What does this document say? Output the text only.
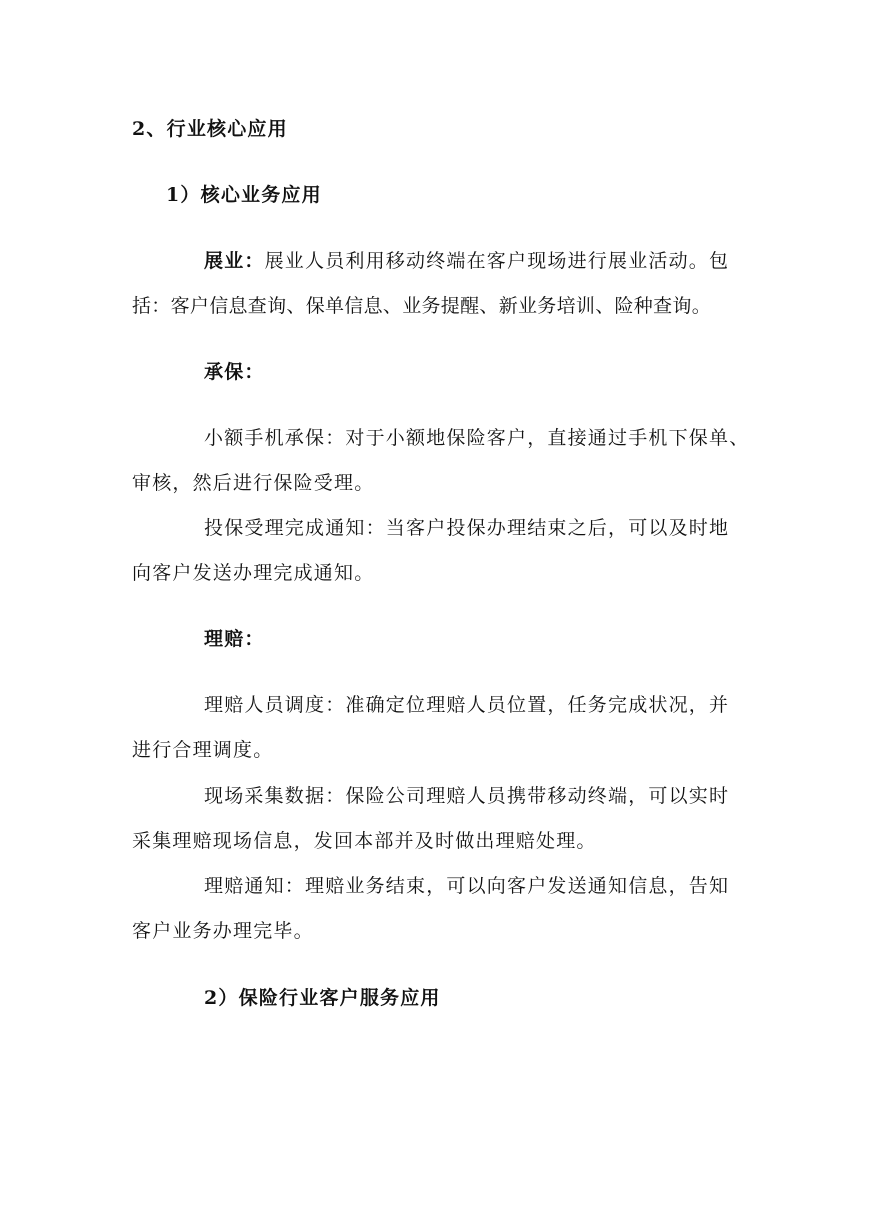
2、行业核心应用
1）核心业务应用
展业：展业人员利用移动终端在客户现场进行展业活动。包
括：客户信息查询、保单信息、业务提醒、新业务培训、险种查询。
承保：
小额手机承保：对于小额地保险客户，直接通过手机下保单、
审核，然后进行保险受理。
投保受理完成通知：当客户投保办理结束之后，可以及时地
向客户发送办理完成通知。
理赔：
理赔人员调度：准确定位理赔人员位置，任务完成状况，并
进行合理调度。
现场采集数据：保险公司理赔人员携带移动终端，可以实时
采集理赔现场信息，发回本部并及时做出理赔处理。
理赔通知：理赔业务结束，可以向客户发送通知信息，告知
客户业务办理完毕。
2）保险行业客户服务应用
